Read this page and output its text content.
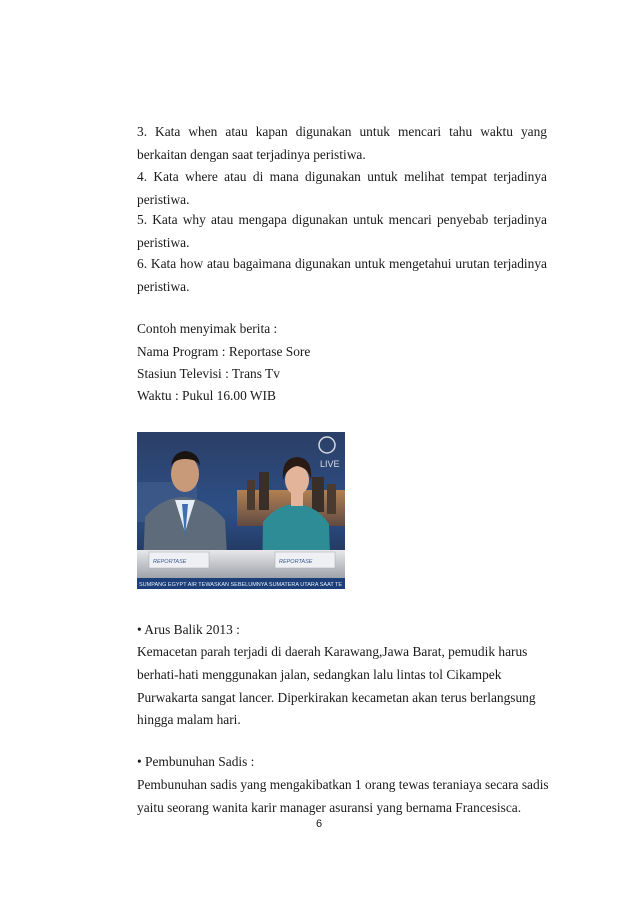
3. Kata when atau kapan digunakan untuk mencari tahu waktu yang berkaitan dengan saat terjadinya peristiwa.

4. Kata where atau di mana digunakan untuk melihat tempat terjadinya peristiwa.

5. Kata why atau mengapa digunakan untuk mencari penyebab terjadinya peristiwa.

6. Kata how atau bagaimana digunakan untuk mengetahui urutan terjadinya peristiwa.

Contoh menyimak berita :

Nama Program : Reportase Sore

Stasiun Televisi : Trans Tv

Waktu : Pukul 16.00 WIB

LIVE
REPORTASE	REPORTASE
SUMPANG EGYPT AIR TEWASKAN SEBELUMNYA SUMATERA UTARA SAAT TE

• Arus Balik 2013 :

Kemacetan parah terjadi di daerah Karawang,Jawa Barat, pemudik harus berhati-hati menggunakan jalan, sedangkan lalu lintas tol Cikampek Purwakarta sangat lancer. Diperkirakan kecametan akan terus berlangsung hingga malam hari.

• Pembunuhan Sadis :

Pembunuhan sadis yang mengakibatkan 1 orang tewas teraniaya secara sadis yaitu seorang wanita karir manager asuransi yang bernama Francesisca.

6
